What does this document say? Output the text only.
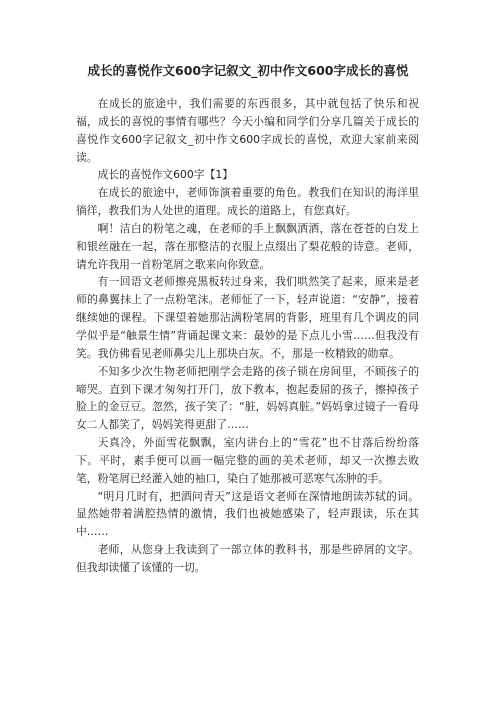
成长的喜悦作文600字记叙文_初中作文600字成长的喜悦

在成长的旅途中，我们需要的东西很多，其中就包括了快乐和祝福，成长的喜悦的事情有哪些？今天小编和同学们分享几篇关于成长的喜悦作文600字记叙文_初中作文600字成长的喜悦，欢迎大家前来阅读。

成长的喜悦作文600字【1】

在成长的旅途中，老师饰演着重要的角色。教我们在知识的海洋里徜徉，教我们为人处世的道理。成长的道路上，有您真好。

啊！洁白的粉笔之魂，在老师的手上飘飘洒洒，落在苍苍的白发上和银丝融在一起，落在那整洁的衣服上点缀出了梨花般的诗意。老师，请允许我用一首粉笔屑之歌来向你致意。

有一回语文老师擦亮黑板转过身来，我们哄然笑了起来，原来是老师的鼻翼抹上了一点粉笔沫。老师怔了一下，轻声说道：“安静”，接着继续她的课程。下课望着她那沾满粉笔屑的背影，班里有几个调皮的同学似乎是“触景生情”背诵起课文来：最妙的是下点儿小雪……但我没有笑。我仿佛看见老师鼻尖儿上那块白灰。不，那是一枚精致的勋章。

不知多少次生物老师把刚学会走路的孩子锁在房间里，不顾孩子的啼哭。直到下课才匆匆打开门，放下教本，抱起委屈的孩子，擦掉孩子脸上的金豆豆。忽然，孩子笑了：“脏，妈妈真脏。”妈妈拿过镜子一看母女二人都笑了，妈妈笑得更甜了……

天真冷，外面雪花飘飘，室内讲台上的“雪花”也不甘落后纷纷落下。平时，素手便可以画一幅完整的画的美术老师，却又一次擦去败笔，粉笔屑已经灌入她的袖口，染白了她那被可恶寒气冻肿的手。

“明月几时有，把酒问青天”这是语文老师在深情地朗读苏轼的词。显然她带着满腔热情的激情，我们也被她感染了，轻声跟读，乐在其中……

老师，从您身上我读到了一部立体的教科书，那是些碎屑的文字。但我却读懂了该懂的一切。
